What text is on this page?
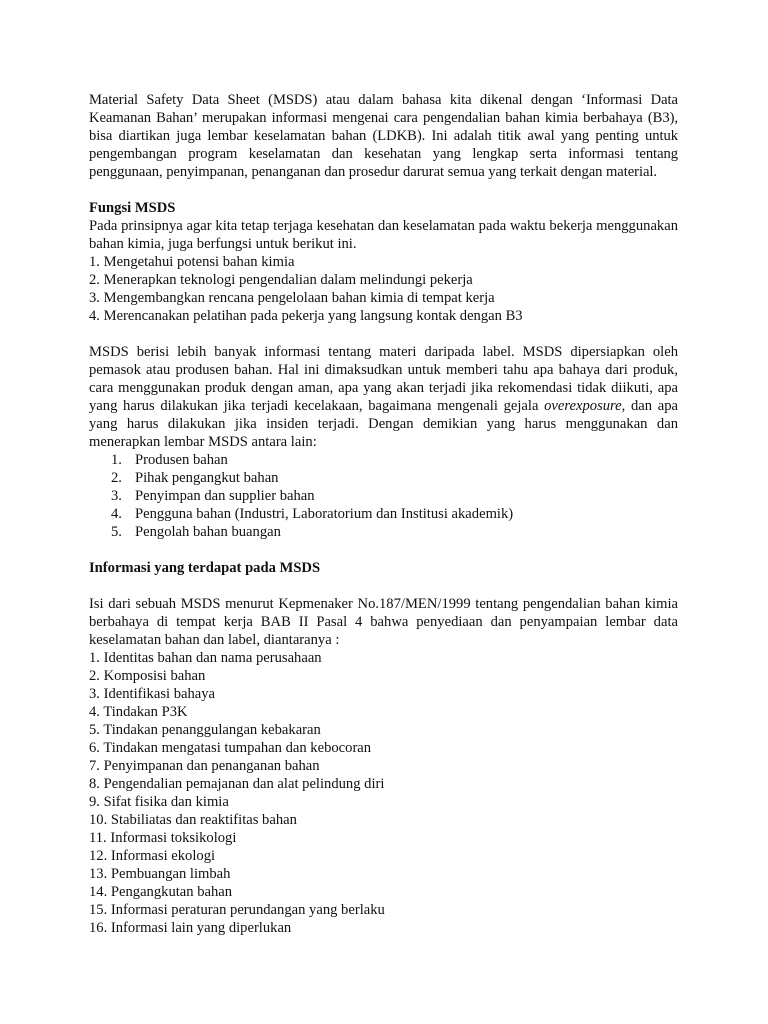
Material Safety Data Sheet (MSDS) atau dalam bahasa kita dikenal dengan ‘Informasi Data Keamanan Bahan’ merupakan informasi mengenai cara pengendalian bahan kimia berbahaya (B3), bisa diartikan juga lembar keselamatan bahan (LDKB). Ini adalah titik awal yang penting untuk pengembangan program keselamatan dan kesehatan yang lengkap serta informasi tentang penggunaan, penyimpanan, penanganan dan prosedur darurat semua yang terkait dengan material.

Fungsi MSDS

Pada prinsipnya agar kita tetap terjaga kesehatan dan keselamatan pada waktu bekerja menggunakan bahan kimia, juga berfungsi untuk berikut ini.

1. Mengetahui potensi bahan kimia
2. Menerapkan teknologi pengendalian dalam melindungi pekerja
3. Mengembangkan rencana pengelolaan bahan kimia di tempat kerja
4. Merencanakan pelatihan pada pekerja yang langsung kontak dengan B3

MSDS berisi lebih banyak informasi tentang materi daripada label. MSDS dipersiapkan oleh pemasok atau produsen bahan. Hal ini dimaksudkan untuk memberi tahu apa bahaya dari produk, cara menggunakan produk dengan aman, apa yang akan terjadi jika rekomendasi tidak diikuti, apa yang harus dilakukan jika terjadi kecelakaan, bagaimana mengenali gejala overexposure, dan apa yang harus dilakukan jika insiden terjadi. Dengan demikian yang harus menggunakan dan menerapkan lembar MSDS antara lain:

1. Produsen bahan
2. Pihak pengangkut bahan
3. Penyimpan dan supplier bahan
4. Pengguna bahan (Industri, Laboratorium dan Institusi akademik)
5. Pengolah bahan buangan

Informasi yang terdapat pada MSDS

Isi dari sebuah MSDS menurut Kepmenaker No.187/MEN/1999 tentang pengendalian bahan kimia berbahaya di tempat kerja BAB II Pasal 4 bahwa penyediaan dan penyampaian lembar data keselamatan bahan dan label, diantaranya :

1. Identitas bahan dan nama perusahaan
2. Komposisi bahan
3. Identifikasi bahaya
4. Tindakan P3K
5. Tindakan penanggulangan kebakaran
6. Tindakan mengatasi tumpahan dan kebocoran
7. Penyimpanan dan penanganan bahan
8. Pengendalian pemajanan dan alat pelindung diri
9. Sifat fisika dan kimia
10. Stabiliatas dan reaktifitas bahan
11. Informasi toksikologi
12. Informasi ekologi
13. Pembuangan limbah
14. Pengangkutan bahan
15. Informasi peraturan perundangan yang berlaku
16. Informasi lain yang diperlukan
